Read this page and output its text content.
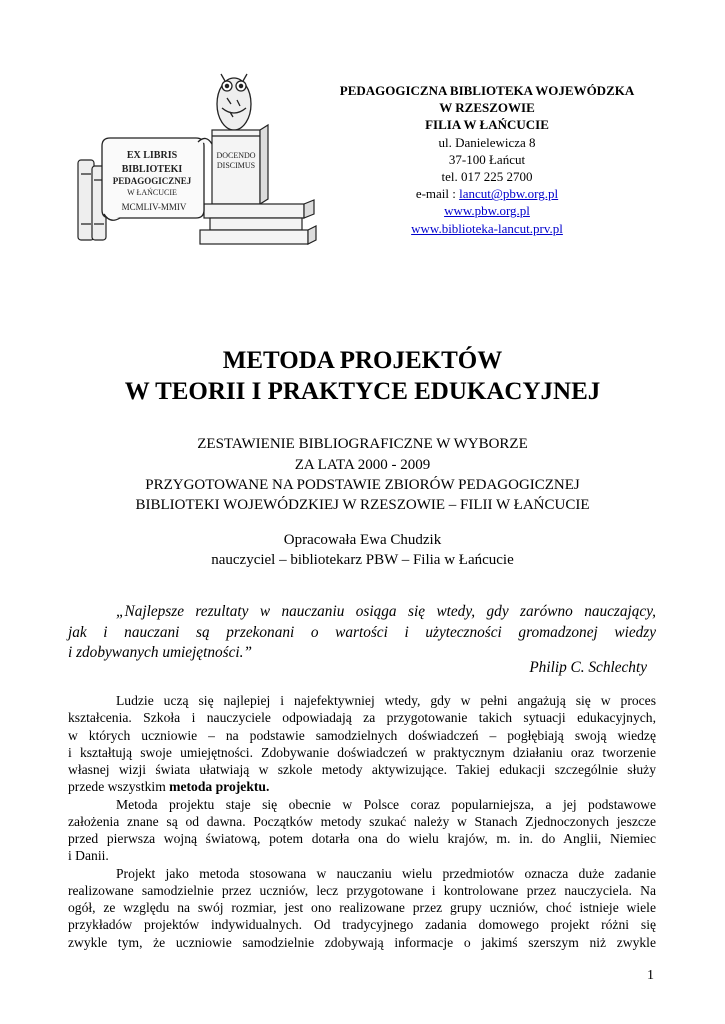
DOCENDO
DISCIMUS
EX LIBRIS
BIBLIOTEKI
PEDAGOGICZNEJ
W ŁAŃCUCIE
MCMLIV-MMIV
PEDAGOGICZNA BIBLIOTEKA WOJEWÓDZKA
W RZESZOWIE
FILIA W ŁAŃCUCIE
ul. Danielewicza 8
37-100 Łańcut
tel. 017 225 2700
e-mail : lancut@pbw.org.pl
www.pbw.org.pl
www.biblioteka-lancut.prv.pl
METODA PROJEKTÓW
W TEORII I PRAKTYCE EDUKACYJNEJ
ZESTAWIENIE BIBLIOGRAFICZNE W WYBORZE
ZA LATA 2000 - 2009
PRZYGOTOWANE NA PODSTAWIE ZBIORÓW PEDAGOGICZNEJ
BIBLIOTEKI WOJEWÓDZKIEJ W RZESZOWIE – FILII W ŁAŃCUCIE
Opracowała Ewa Chudzik
nauczyciel – bibliotekarz PBW – Filia w Łańcucie
„Najlepsze rezultaty w nauczaniu osiąga się wtedy, gdy zarówno nauczający,
jak i nauczani są przekonani o wartości i użyteczności gromadzonej wiedzy
i zdobywanych umiejętności.”
Philip C. Schlechty
Ludzie uczą się najlepiej i najefektywniej wtedy, gdy w pełni angażują się w proces
kształcenia. Szkoła i nauczyciele odpowiadają za przygotowanie takich sytuacji edukacyjnych,
w których uczniowie – na podstawie samodzielnych doświadczeń – pogłębiają swoją wiedzę
i kształtują swoje umiejętności. Zdobywanie doświadczeń w praktycznym działaniu oraz tworzenie
własnej wizji świata ułatwiają w szkole metody aktywizujące. Takiej edukacji szczególnie służy
przede wszystkim metoda projektu.
Metoda projektu staje się obecnie w Polsce coraz popularniejsza, a jej podstawowe
założenia znane są od dawna. Początków metody szukać należy w Stanach Zjednoczonych jeszcze
przed pierwsza wojną światową, potem dotarła ona do wielu krajów, m. in. do Anglii, Niemiec
i Danii.
Projekt jako metoda stosowana w nauczaniu wielu przedmiotów oznacza duże zadanie
realizowane samodzielnie przez uczniów, lecz przygotowane i kontrolowane przez nauczyciela. Na
ogół, ze względu na swój rozmiar, jest ono realizowane przez grupy uczniów, choć istnieje wiele
przykładów projektów indywidualnych. Od tradycyjnego zadania domowego projekt różni się
zwykle tym, że uczniowie samodzielnie zdobywają informacje o jakimś szerszym niż zwykle
1
